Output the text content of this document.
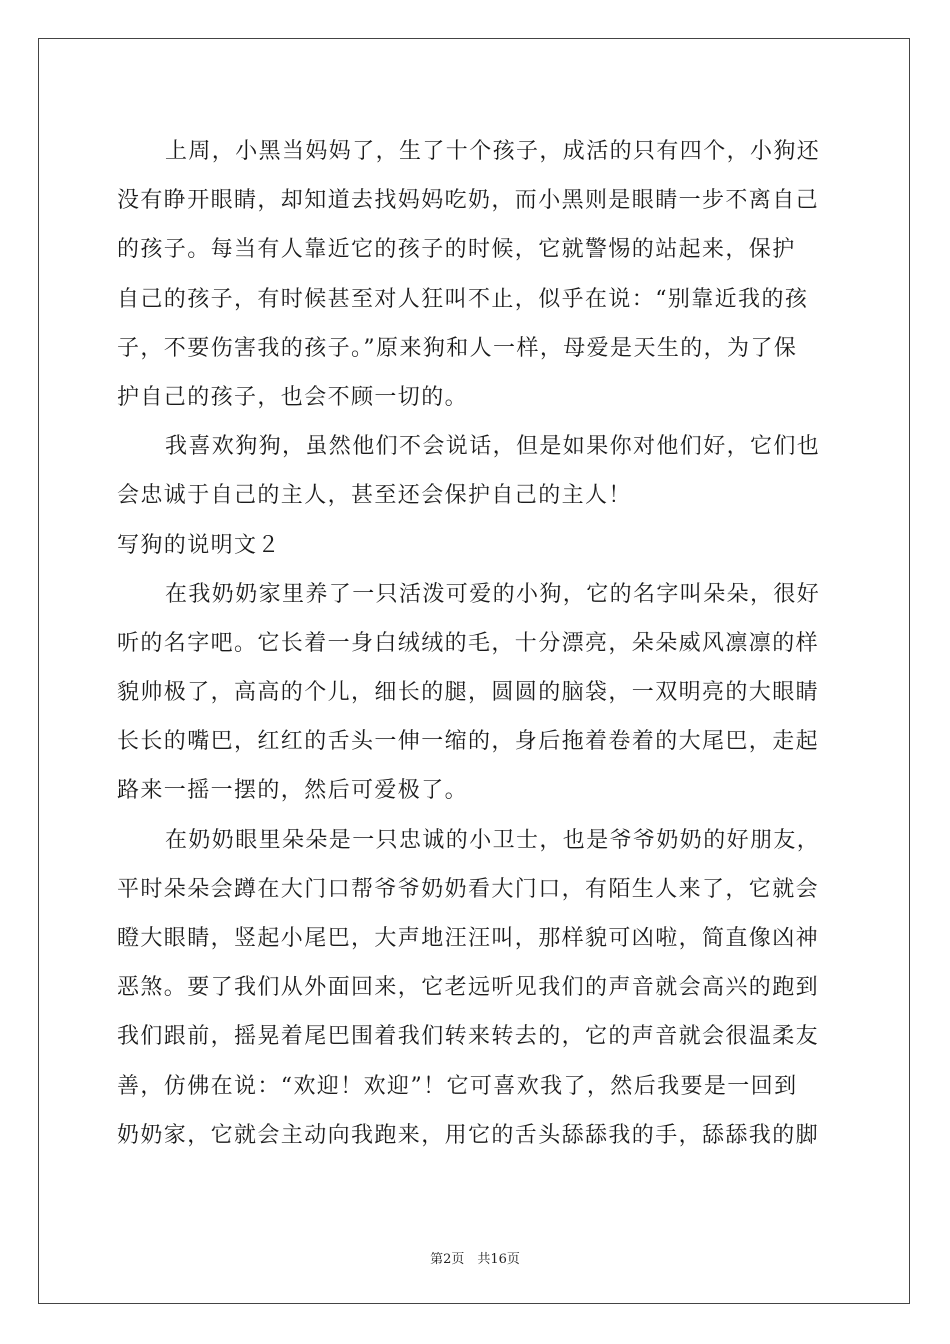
上周，小黑当妈妈了，生了十个孩子，成活的只有四个，小狗还
没有睁开眼睛，却知道去找妈妈吃奶，而小黑则是眼睛一步不离自己
的孩子。每当有人靠近它的孩子的时候，它就警惕的站起来，保护
自己的孩子，有时候甚至对人狂叫不止，似乎在说：“别靠近我的孩
子，不要伤害我的孩子。”原来狗和人一样，母爱是天生的，为了保
护自己的孩子，也会不顾一切的。
我喜欢狗狗，虽然他们不会说话，但是如果你对他们好，它们也
会忠诚于自己的主人，甚至还会保护自己的主人！
写狗的说明文２
在我奶奶家里养了一只活泼可爱的小狗，它的名字叫朵朵，很好
听的名字吧。它长着一身白绒绒的毛，十分漂亮，朵朵威风凛凛的样
貌帅极了，高高的个儿，细长的腿，圆圆的脑袋，一双明亮的大眼睛
长长的嘴巴，红红的舌头一伸一缩的，身后拖着卷着的大尾巴，走起
路来一摇一摆的，然后可爱极了。
在奶奶眼里朵朵是一只忠诚的小卫士，也是爷爷奶奶的好朋友，
平时朵朵会蹲在大门口帮爷爷奶奶看大门口，有陌生人来了，它就会
瞪大眼睛，竖起小尾巴，大声地汪汪叫，那样貌可凶啦，简直像凶神
恶煞。要了我们从外面回来，它老远听见我们的声音就会高兴的跑到
我们跟前，摇晃着尾巴围着我们转来转去的，它的声音就会很温柔友
善，仿佛在说：“欢迎！欢迎”！它可喜欢我了，然后我要是一回到
奶奶家，它就会主动向我跑来，用它的舌头舔舔我的手，舔舔我的脚
第2页　共16页
